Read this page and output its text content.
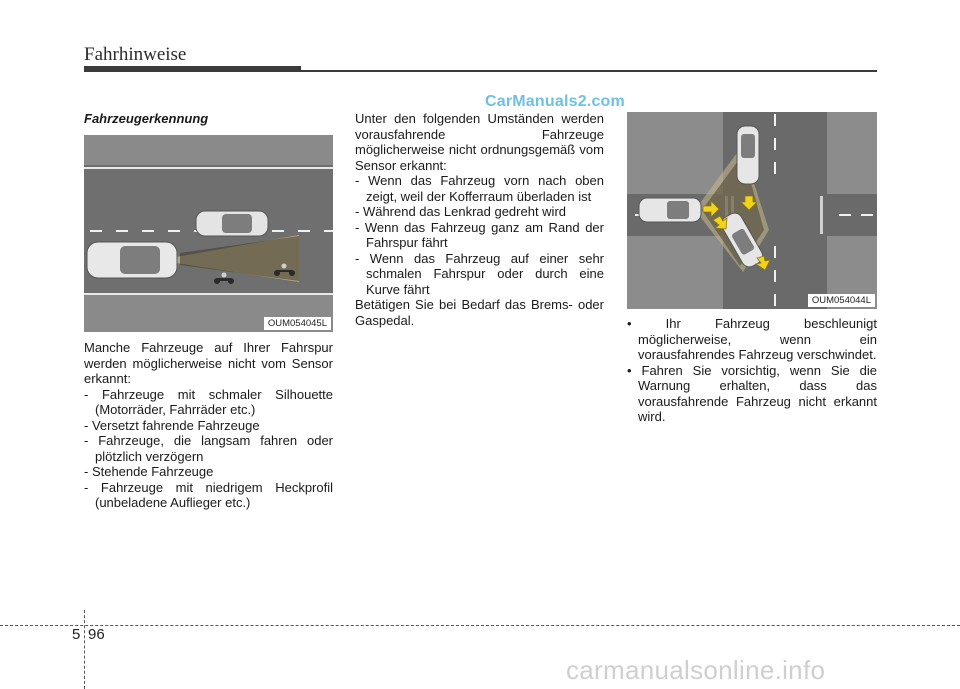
Fahrhinweise
CarManuals2.com

Fahrzeugerkennung

OUM054045L

Manche Fahrzeuge auf Ihrer Fahrspur werden möglicherweise nicht vom Sensor erkannt:

- Fahrzeuge mit schmaler Silhouette (Motorräder, Fahrräder etc.)
- Versetzt fahrende Fahrzeuge
- Fahrzeuge, die langsam fahren oder plötzlich verzögern
- Stehende Fahrzeuge
- Fahrzeuge mit niedrigem Heckprofil (unbeladene Auflieger etc.)

Unter den folgenden Umständen werden vorausfahrende Fahrzeuge möglicherweise nicht ordnungsgemäß vom Sensor erkannt:

- Wenn das Fahrzeug vorn nach oben zeigt, weil der Kofferraum überladen ist
- Während das Lenkrad gedreht wird
- Wenn das Fahrzeug ganz am Rand der Fahrspur fährt
- Wenn das Fahrzeug auf einer sehr schmalen Fahrspur oder durch eine Kurve fährt

Betätigen Sie bei Bedarf das Brems- oder Gaspedal.

OUM054044L
• Ihr Fahrzeug beschleunigt möglicherweise, wenn ein vorausfahrendes Fahrzeug verschwindet.
• Fahren Sie vorsichtig, wenn Sie die Warnung erhalten, dass das vorausfahrende Fahrzeug nicht erkannt wird.
5 96
carmanualsonline.info
